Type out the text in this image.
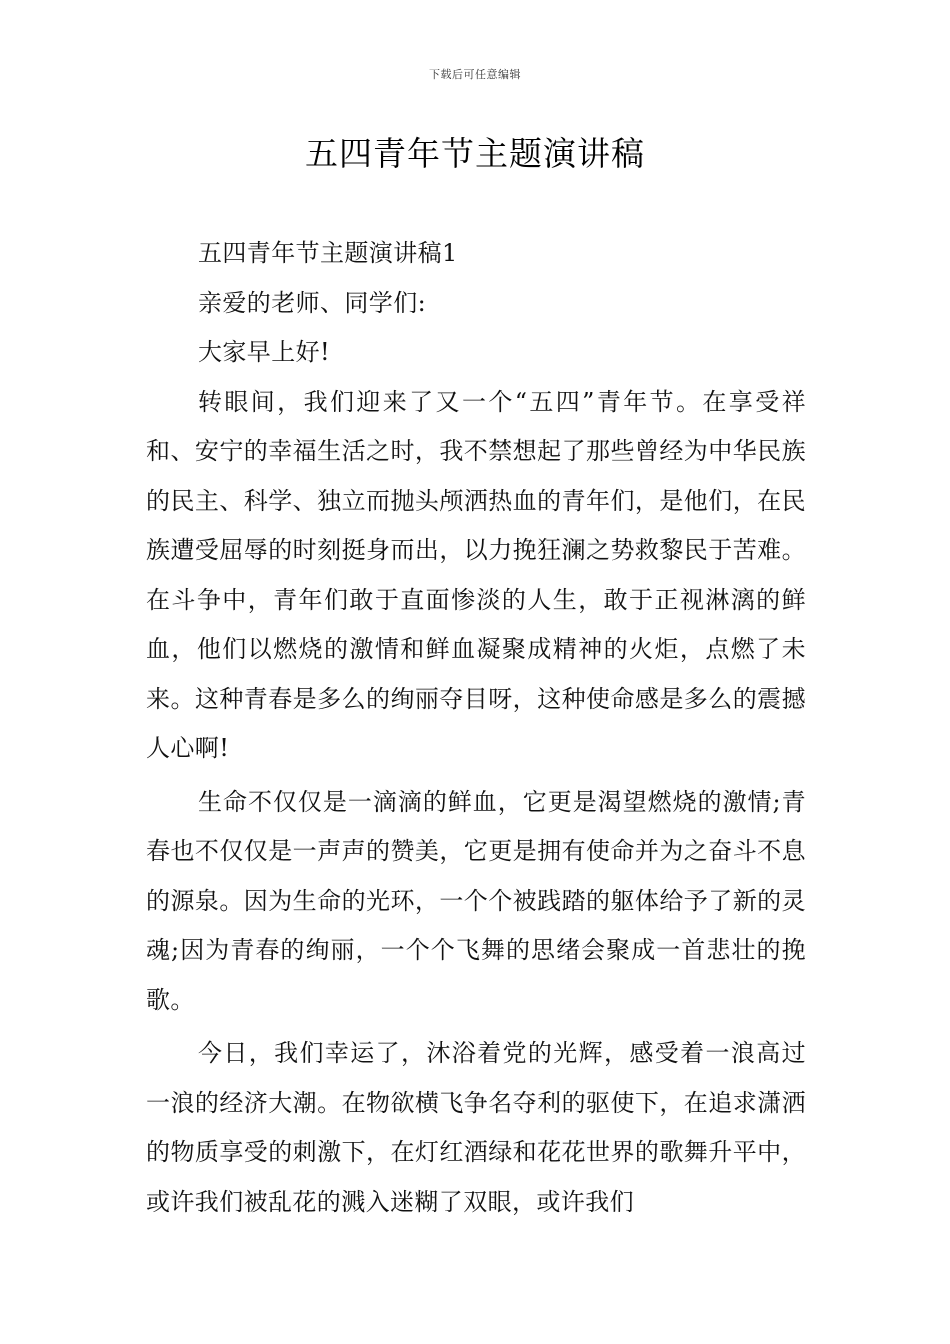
下载后可任意编辑
五四青年节主题演讲稿

五四青年节主题演讲稿1

亲爱的老师、同学们:

大家早上好!

转眼间，我们迎来了又一个“五四”青年节。在享受祥和、安宁的幸福生活之时，我不禁想起了那些曾经为中华民族的民主、科学、独立而抛头颅洒热血的青年们，是他们，在民族遭受屈辱的时刻挺身而出，以力挽狂澜之势救黎民于苦难。在斗争中，青年们敢于直面惨淡的人生，敢于正视淋漓的鲜血，他们以燃烧的激情和鲜血凝聚成精神的火炬，点燃了未来。这种青春是多么的绚丽夺目呀，这种使命感是多么的震撼人心啊!

生命不仅仅是一滴滴的鲜血，它更是渴望燃烧的激情;青春也不仅仅是一声声的赞美，它更是拥有使命并为之奋斗不息的源泉。因为生命的光环，一个个被践踏的躯体给予了新的灵魂;因为青春的绚丽，一个个飞舞的思绪会聚成一首悲壮的挽歌。

今日，我们幸运了，沐浴着党的光辉，感受着一浪高过一浪的经济大潮。在物欲横飞争名夺利的驱使下，在追求潇洒的物质享受的刺激下，在灯红酒绿和花花世界的歌舞升平中，或许我们被乱花的溅入迷糊了双眼，或许我们
